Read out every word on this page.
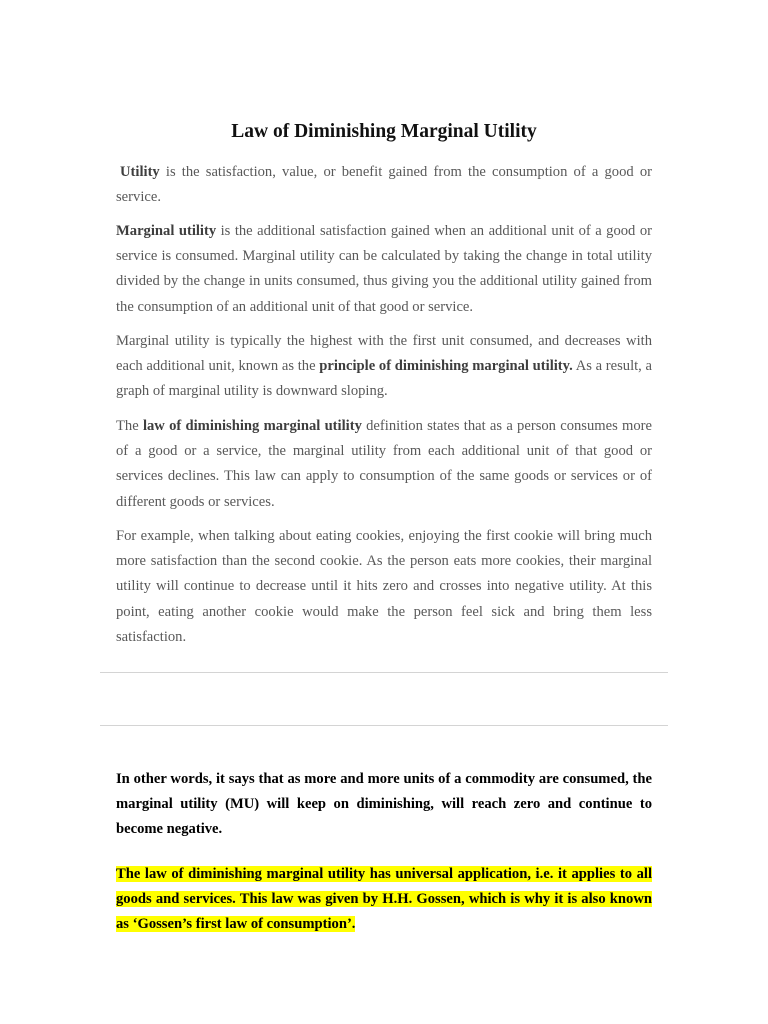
Law of Diminishing Marginal Utility

Utility is the satisfaction, value, or benefit gained from the consumption of a good or service.

Marginal utility is the additional satisfaction gained when an additional unit of a good or service is consumed. Marginal utility can be calculated by taking the change in total utility divided by the change in units consumed, thus giving you the additional utility gained from the consumption of an additional unit of that good or service.

Marginal utility is typically the highest with the first unit consumed, and decreases with each additional unit, known as the principle of diminishing marginal utility. As a result, a graph of marginal utility is downward sloping.

The law of diminishing marginal utility definition states that as a person consumes more of a good or a service, the marginal utility from each additional unit of that good or services declines. This law can apply to consumption of the same goods or services or of different goods or services.

For example, when talking about eating cookies, enjoying the first cookie will bring much more satisfaction than the second cookie. As the person eats more cookies, their marginal utility will continue to decrease until it hits zero and crosses into negative utility. At this point, eating another cookie would make the person feel sick and bring them less satisfaction.

In other words, it says that as more and more units of a commodity are consumed, the marginal utility (MU) will keep on diminishing, will reach zero and continue to become negative.

The law of diminishing marginal utility has universal application, i.e. it applies to all goods and services. This law was given by H.H. Gossen, which is why it is also known as ‘Gossen’s first law of consumption’.
